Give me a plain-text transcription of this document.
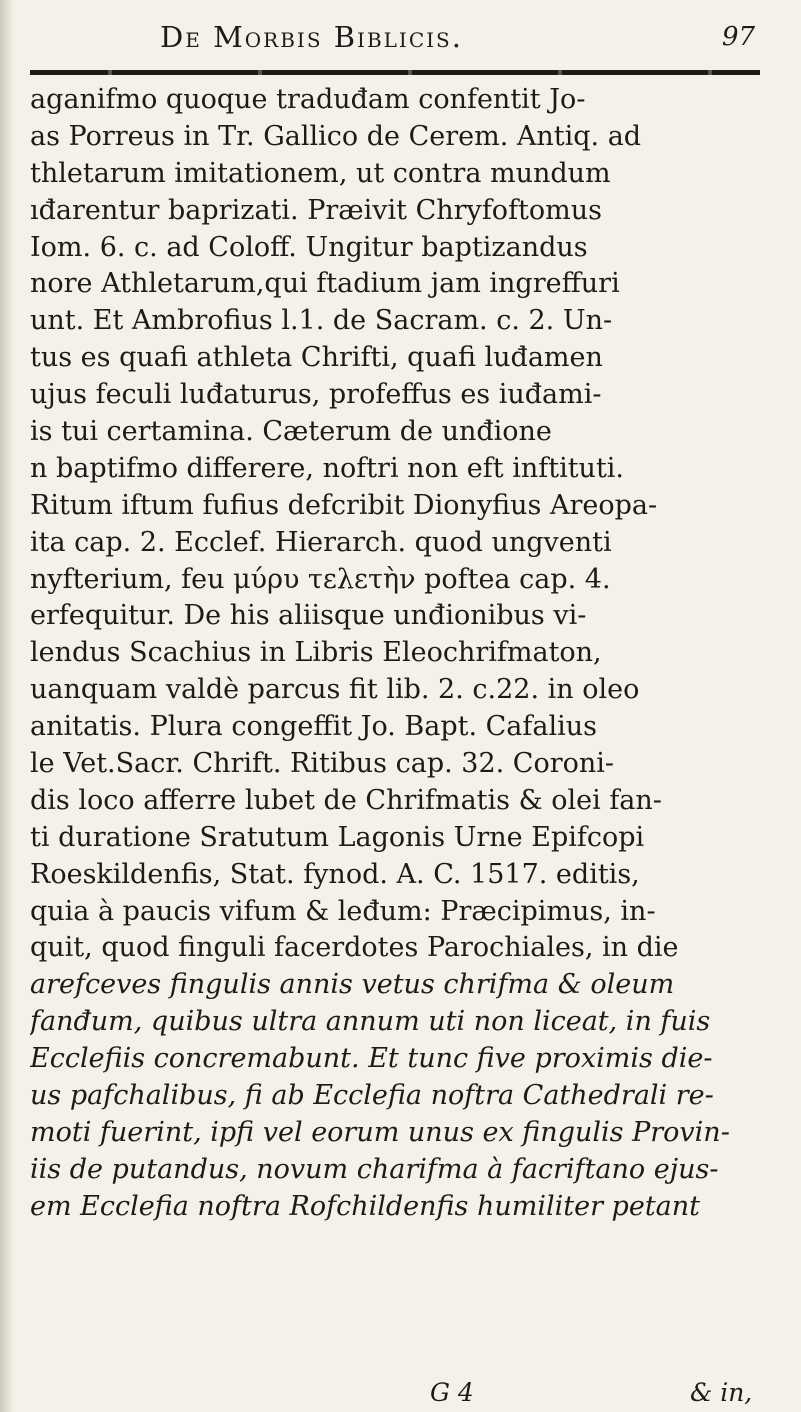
De Morbis Biblicis.	97
aganifmo quoque traduđam confentit Jo-
as Porreus in Tr. Gallico de Cerem. Antiq. ad
thletarum imitationem, ut contra mundum
ıđarentur baprizati. Præivit Chryfoftomus
Iom. 6. c. ad Coloff. Ungitur baptizandus
nore Athletarum,qui ftadium jam ingreffuri
unt. Et Ambrofius l.1. de Sacram. c. 2. Un-
tus es quafi athleta Chrifti, quafi luđamen
ujus feculi luđaturus, profeffus es iuđami-
is tui certamina. Cæterum de unđione
n baptifmo differere, noftri non eft inftituti.
Ritum iftum fufius defcribit Dionyfius Areopa-
ita cap. 2. Ecclef. Hierarch. quod ungventi
nyfterium, feu μύρυ τελετὴν poftea cap. 4.
erfequitur. De his aliisque unđionibus vi-
lendus Scachius in Libris Eleochrifmaton,
uanquam valdè parcus fit lib. 2. c.22. in oleo
anitatis. Plura congeffit Jo. Bapt. Cafalius
le Vet.Sacr. Chrift. Ritibus cap. 32. Coroni-
dis loco afferre lubet de Chrifmatis & olei fan-
ti duratione Sratutum Lagonis Urne Epifcopi
Roeskildenfis, Stat. fynod. A. C. 1517. editis,
quia à paucis vifum & leđum: Præcipimus, in-
quit, quod finguli facerdotes Parochiales, in die
arefceves fingulis annis vetus chrifma & oleum
fanđum, quibus ultra annum uti non liceat, in fuis
Ecclefiis concremabunt. Et tunc five proximis die-
us pafchalibus, fi ab Ecclefia noftra Cathedrali re-
moti fuerint, ipfi vel eorum unus ex fingulis Provin-
iis de putandus, novum charifma à facriftano ejus-
em Ecclefia noftra Rofchildenfis humiliter petant
G 4	& in,
